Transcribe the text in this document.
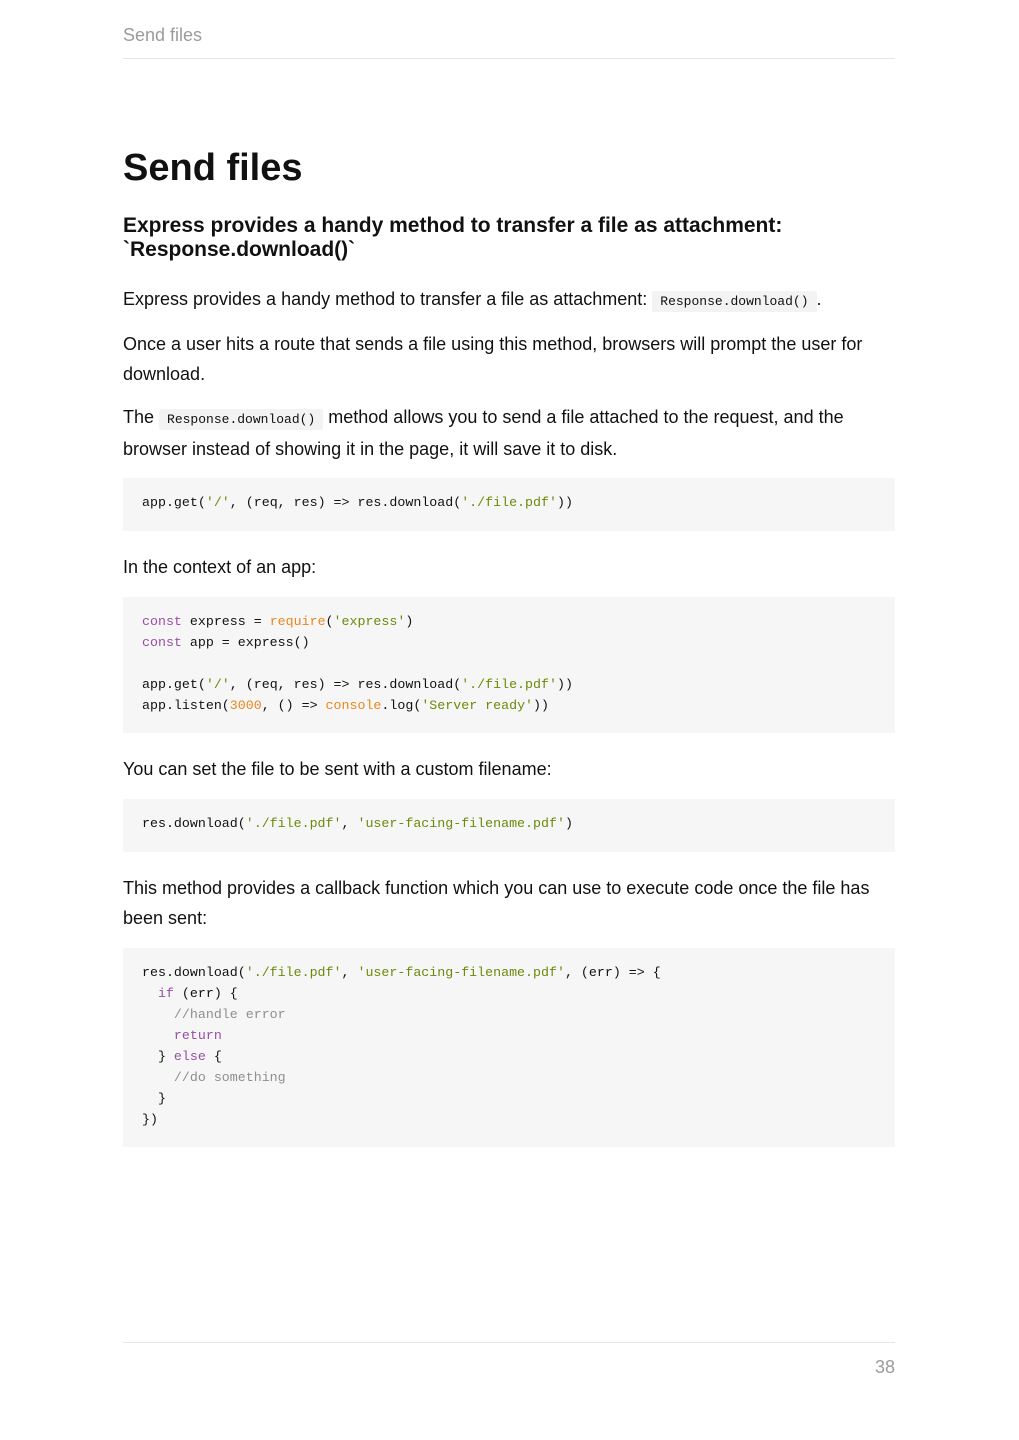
Send files
Send files
Express provides a handy method to transfer a file as attachment: `Response.download()`

Express provides a handy method to transfer a file as attachment: Response.download() .

Once a user hits a route that sends a file using this method, browsers will prompt the user for download.

The Response.download() method allows you to send a file attached to the request, and the browser instead of showing it in the page, it will save it to disk.

app.get('/', (req, res) => res.download('./file.pdf'))

In the context of an app:

const express = require('express')
const app = express()

app.get('/', (req, res) => res.download('./file.pdf'))
app.listen(3000, () => console.log('Server ready'))

You can set the file to be sent with a custom filename:

res.download('./file.pdf', 'user-facing-filename.pdf')

This method provides a callback function which you can use to execute code once the file has been sent:

res.download('./file.pdf', 'user-facing-filename.pdf', (err) => {
if (err) {
//handle error
return
} else {
//do something
}
})
38
